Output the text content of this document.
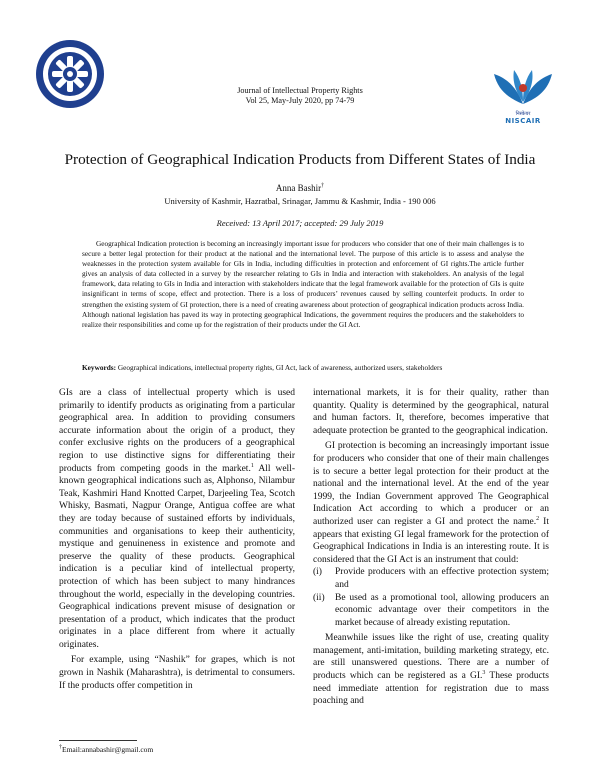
निस्केयर
NISCAIR
Journal of Intellectual Property Rights
Vol 25, May-July 2020, pp 74-79
Protection of Geographical Indication Products from Different States of India
Anna Bashir†
University of Kashmir, Hazratbal, Srinagar, Jammu & Kashmir, India - 190 006
Received: 13 April 2017; accepted: 29 July 2019

Geographical Indication protection is becoming an increasingly important issue for producers who consider that one of their main challenges is to secure a better legal protection for their product at the national and the international level. The purpose of this article is to assess and analyse the weaknesses in the protection system available for GIs in India, including difficulties in protection and enforcement of GI rights.The article further gives an analysis of data collected in a survey by the researcher relating to GIs in India and interaction with stakeholders. An analysis of the legal framework, data relating to GIs in India and interaction with stakeholders indicate that the legal framework available for the protection of GIs is quite insignificant in terms of scope, effect and protection. There is a loss of producers’ revenues caused by selling counterfeit products. In order to strengthen the existing system of GI protection, there is a need of creating awareness about protection of geographical indication products across India. Although national legislation has paved its way in protecting geographical Indications, the government requires the producers and the stakeholders to realize their responsibilities and come up for the registration of their products under the GI Act.

Keywords: Geographical indications, intellectual property rights, GI Act, lack of awareness, authorized users, stakeholders

GIs are a class of intellectual property which is used primarily to identify products as originating from a particular geographical area. In addition to providing consumers accurate information about the origin of a product, they confer exclusive rights on the producers of a geographical region to use distinctive signs for differentiating their products from competing goods in the market.$^1$ All well-known geographical indications such as, Alphonso, Nilambur Teak, Kashmiri Hand Knotted Carpet, Darjeeling Tea, Scotch Whisky, Basmati, Nagpur Orange, Antigua coffee are what they are today because of sustained efforts by individuals, communities and organisations to keep their authenticity, mystique and genuineness in existence and promote and preserve the quality of these products. Geographical indication is a peculiar kind of intellectual property, protection of which has been subject to many hindrances throughout the world, especially in the developing countries. Geographical indications prevent misuse of designation or presentation of a product, which indicates that the product originates in a place different from where it actually originates.

For example, using “Nashik” for grapes, which is not grown in Nashik (Maharashtra), is detrimental to consumers. If the products offer competition in

international markets, it is for their quality, rather than quantity. Quality is determined by the geographical, natural and human factors. It, therefore, becomes imperative that adequate protection be granted to the geographical indication.

GI protection is becoming an increasingly important issue for producers who consider that one of their main challenges is to secure a better legal protection for their product at the national and the international level. At the end of the year 1999, the Indian Government approved The Geographical Indication Act according to which a producer or an authorized user can register a GI and protect the name.$^2$ It appears that existing GI legal framework for the protection of Geographical Indications in India is an interesting route. It is considered that the GI Act is an instrument that could:

(i) Provide producers with an effective protection system; and
(ii) Be used as a promotional tool, allowing producers an economic advantage over their competitors in the market because of already existing reputation.

Meanwhile issues like the right of use, creating quality management, anti-imitation, building marketing strategy, etc. are still unanswered questions. There are a number of products which can be registered as a GI.$^3$ These products need immediate attention for registration due to mass poaching and

†Email:annabashir@gmail.com
